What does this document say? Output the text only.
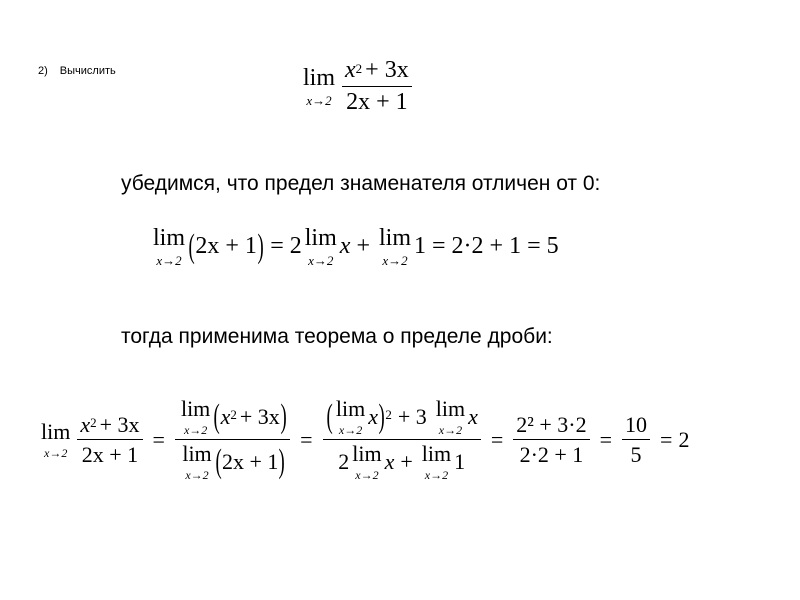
2) Вычислить	lim
$x\to 2 \frac{x 2 + 3x}{2x + 1}$
убедимся, что предел знаменателя отличен от 0:
lim
x→2 ( 2x + 1 ) = 2 lim
x→2
x + lim
x→2
1 = 2·2 + 1 = 5
тогда применима теорема о пределе дроби:
lim
$x\to 2 \frac{x 2 + 3x}{2x + 1} = \lim$
x→2 ( x 2 + 3x )
lim
x→2 ( 2x + 1 ) = ( lim
x→2
x ) 2 + 3 lim
x→2
x
2 lim
x→2
x + lim
x→2
$1 = \frac{\text{2² + 3·2}}{2\cdot 2 + 1} = \frac{10}{5} = 2$
